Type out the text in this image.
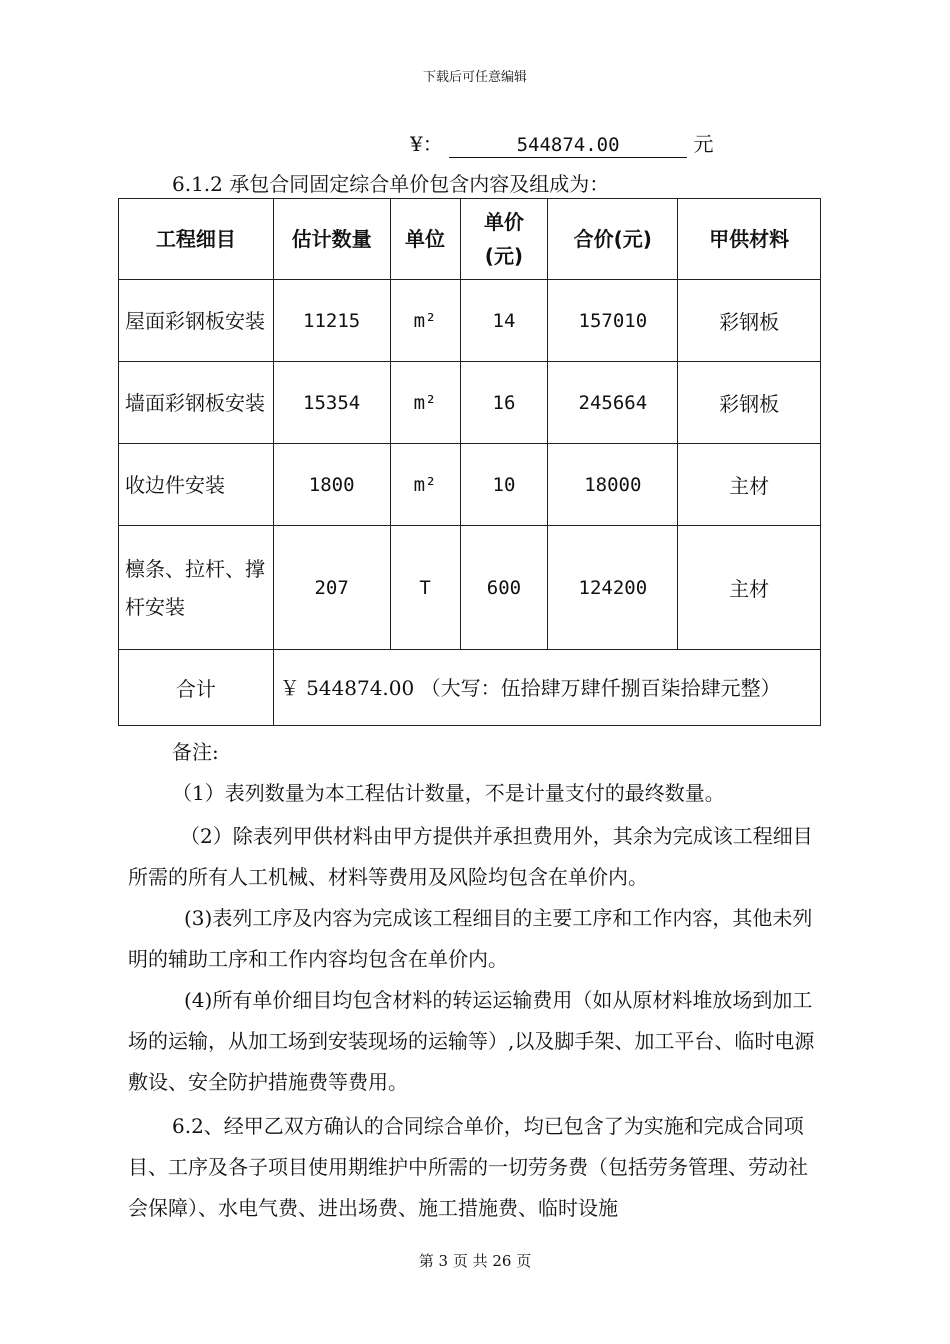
下载后可任意编辑
¥：	544874.00	元
6.1.2 承包合同固定综合单价包含内容及组成为：
工程细目	估计数量	单位	单价(元)	合价(元)	甲供材料
屋面彩钢板安装	11215	m²	14	157010	彩钢板
墙面彩钢板安装	15354	m²	16	245664	彩钢板
收边件安装	1800	m²	10	18000	主材
檩条、拉杆、撑杆安装	207	T	600	124200	主材
合计	￥ 544874.00 （大写：伍拾肆万肆仟捌百柒拾肆元整）				
备注:
（1）表列数量为本工程估计数量，不是计量支付的最终数量。
（2）除表列甲供材料由甲方提供并承担费用外，其余为完成该工程细目所需的所有人工机械、材料等费用及风险均包含在单价内。
(3)表列工序及内容为完成该工程细目的主要工序和工作内容，其他未列明的辅助工序和工作内容均包含在单价内。
(4)所有单价细目均包含材料的转运运输费用（如从原材料堆放场到加工场的运输，从加工场到安装现场的运输等）,以及脚手架、加工平台、临时电源敷设、安全防护措施费等费用。
6.2、经甲乙双方确认的合同综合单价，均已包含了为实施和完成合同项目、工序及各子项目使用期维护中所需的一切劳务费（包括劳务管理、劳动社会保障）、水电气费、进出场费、施工措施费、临时设施
第 3 页 共 26 页
